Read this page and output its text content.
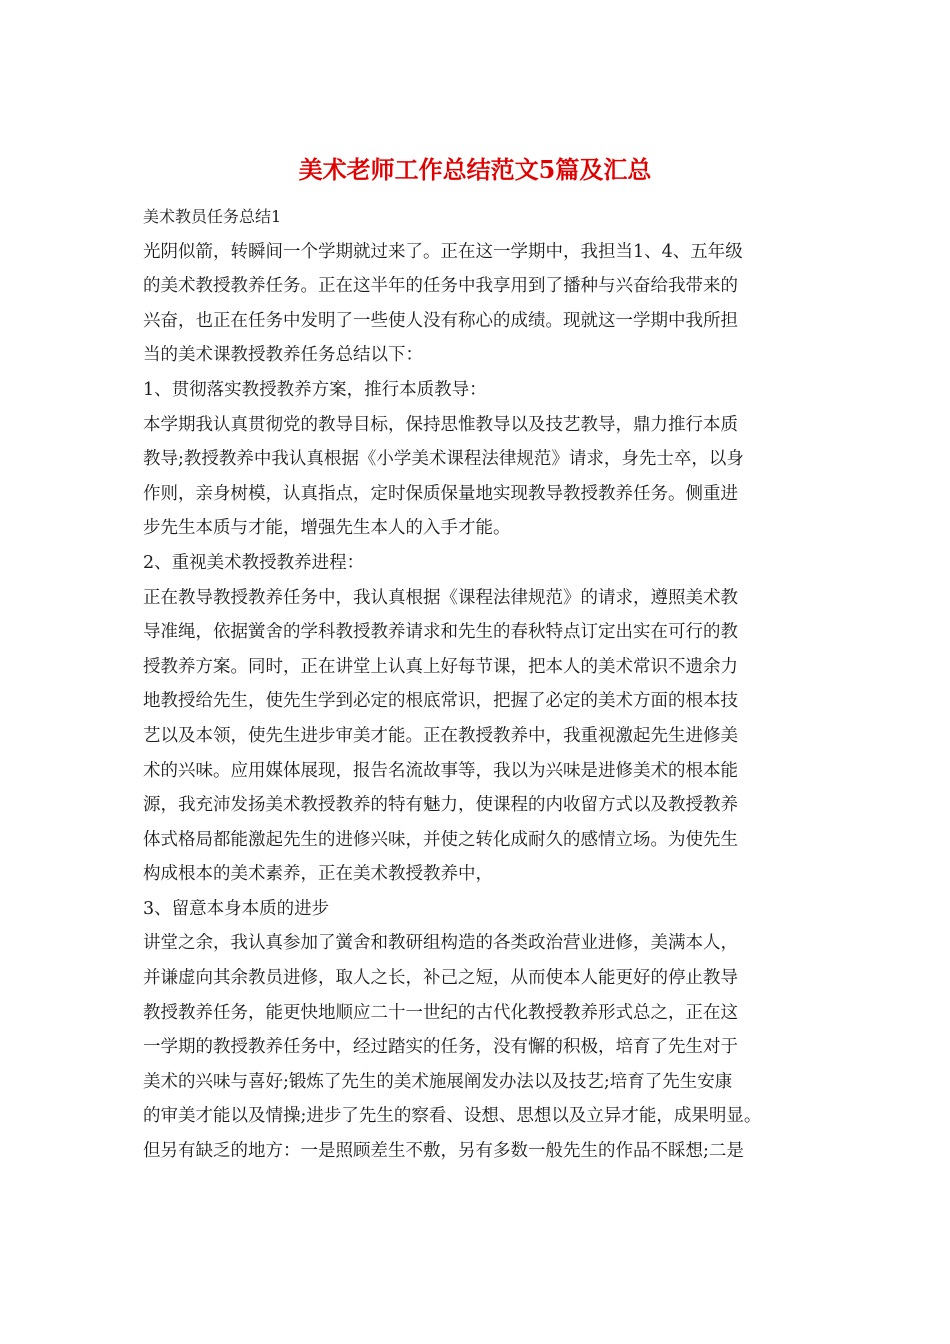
美术老师工作总结范文5篇及汇总
美术教员任务总结1
光阴似箭，转瞬间一个学期就过来了。正在这一学期中，我担当1、4、五年级
的美术教授教养任务。正在这半年的任务中我享用到了播种与兴奋给我带来的
兴奋，也正在任务中发明了一些使人没有称心的成绩。现就这一学期中我所担
当的美术课教授教养任务总结以下：
1、贯彻落实教授教养方案，推行本质教导：
本学期我认真贯彻党的教导目标，保持思惟教导以及技艺教导，鼎力推行本质
教导;教授教养中我认真根据《小学美术课程法律规范》请求，身先士卒，以身
作则，亲身树模，认真指点，定时保质保量地实现教导教授教养任务。侧重进
步先生本质与才能，增强先生本人的入手才能。
2、重视美术教授教养进程：
正在教导教授教养任务中，我认真根据《课程法律规范》的请求，遵照美术教
导准绳，依据黉舍的学科教授教养请求和先生的春秋特点订定出实在可行的教
授教养方案。同时，正在讲堂上认真上好每节课，把本人的美术常识不遗余力
地教授给先生，使先生学到必定的根底常识，把握了必定的美术方面的根本技
艺以及本领，使先生进步审美才能。正在教授教养中，我重视激起先生进修美
术的兴味。应用媒体展现，报告名流故事等，我以为兴味是进修美术的根本能
源，我充沛发扬美术教授教养的特有魅力，使课程的内收留方式以及教授教养
体式格局都能激起先生的进修兴味，并使之转化成耐久的感情立场。为使先生
构成根本的美术素养，正在美术教授教养中，
3、留意本身本质的进步
讲堂之余，我认真参加了黉舍和教研组构造的各类政治营业进修，美满本人，
并谦虚向其余教员进修，取人之长，补己之短，从而使本人能更好的停止教导
教授教养任务，能更快地顺应二十一世纪的古代化教授教养形式总之，正在这
一学期的教授教养任务中，经过踏实的任务，没有懈的积极，培育了先生对于
美术的兴味与喜好;锻炼了先生的美术施展阐发办法以及技艺;培育了先生安康
的审美才能以及情操;进步了先生的察看、设想、思想以及立异才能，成果明显。
但另有缺乏的地方：一是照顾差生不敷，另有多数一般先生的作品不睬想;二是
